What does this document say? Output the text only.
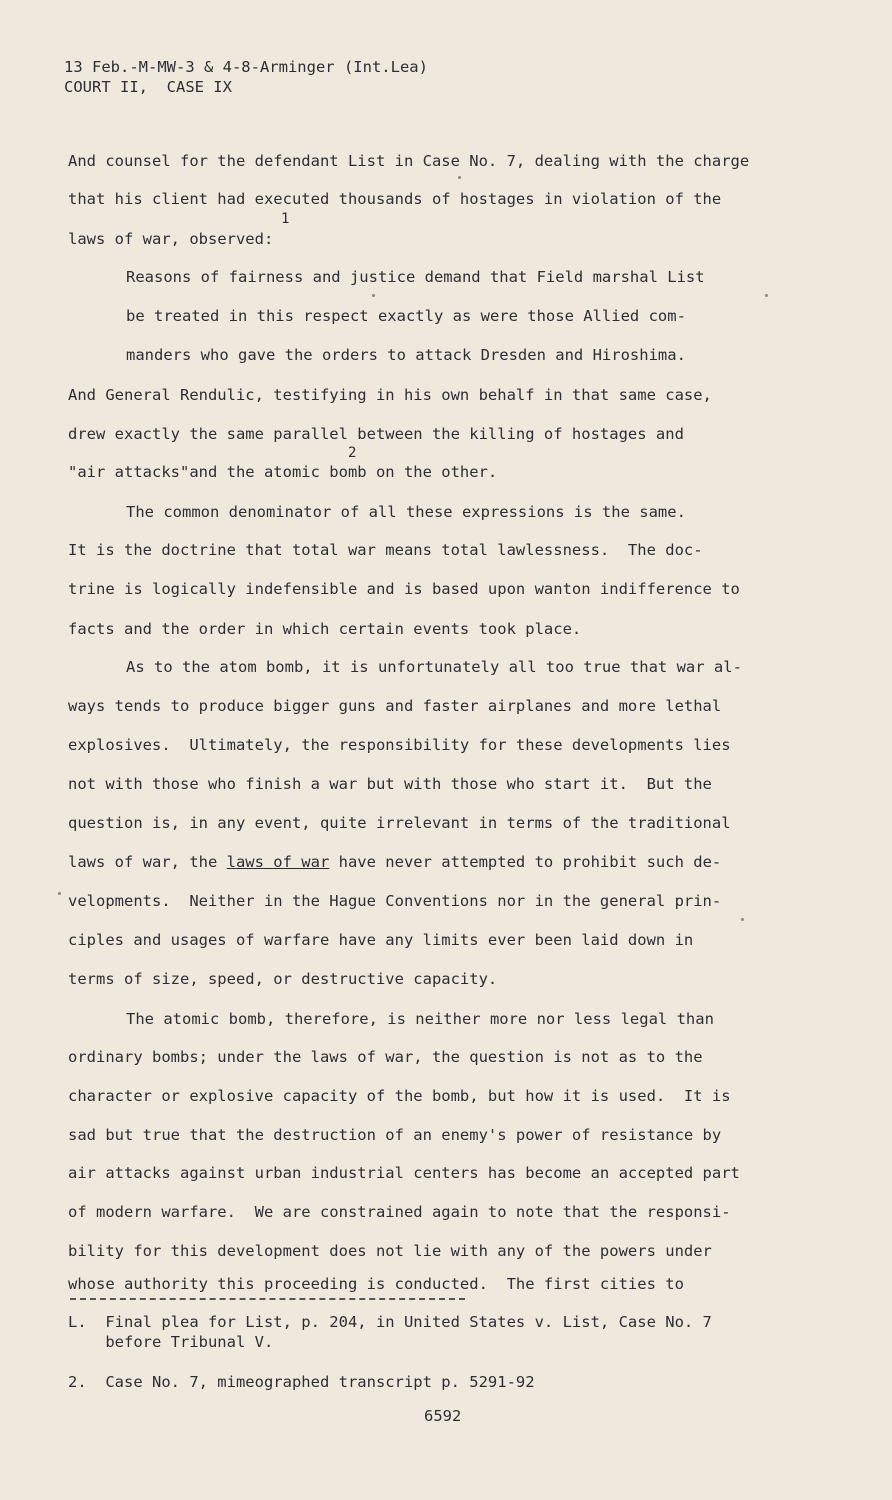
13 Feb.-M-MW-3 & 4-8-Arminger (Int.Lea)

COURT II,  CASE IX

And counsel for the defendant List in Case No. 7, dealing with the charge

that his client had executed thousands of hostages in violation of the

1

laws of war, observed:

Reasons of fairness and justice demand that Field marshal List

be treated in this respect exactly as were those Allied com-

manders who gave the orders to attack Dresden and Hiroshima.

And General Rendulic, testifying in his own behalf in that same case,

drew exactly the same parallel between the killing of hostages and

2

"air attacks"and the atomic bomb on the other.

The common denominator of all these expressions is the same.

It is the doctrine that total war means total lawlessness.  The doc-

trine is logically indefensible and is based upon wanton indifference to

facts and the order in which certain events took place.

As to the atom bomb, it is unfortunately all too true that war al-

ways tends to produce bigger guns and faster airplanes and more lethal

explosives.  Ultimately, the responsibility for these developments lies

not with those who finish a war but with those who start it.  But the

question is, in any event, quite irrelevant in terms of the traditional

laws of war, the laws of war have never attempted to prohibit such de-

velopments.  Neither in the Hague Conventions nor in the general prin-

ciples and usages of warfare have any limits ever been laid down in

terms of size, speed, or destructive capacity.

The atomic bomb, therefore, is neither more nor less legal than

ordinary bombs; under the laws of war, the question is not as to the

character or explosive capacity of the bomb, but how it is used.  It is

sad but true that the destruction of an enemy's power of resistance by

air attacks against urban industrial centers has become an accepted part

of modern warfare.  We are constrained again to note that the responsi-

bility for this development does not lie with any of the powers under

whose authority this proceeding is conducted.  The first cities to

L.  Final plea for List, p. 204, in United States v. List, Case No. 7

before Tribunal V.

2.  Case No. 7, mimeographed transcript p. 5291-92

6592
